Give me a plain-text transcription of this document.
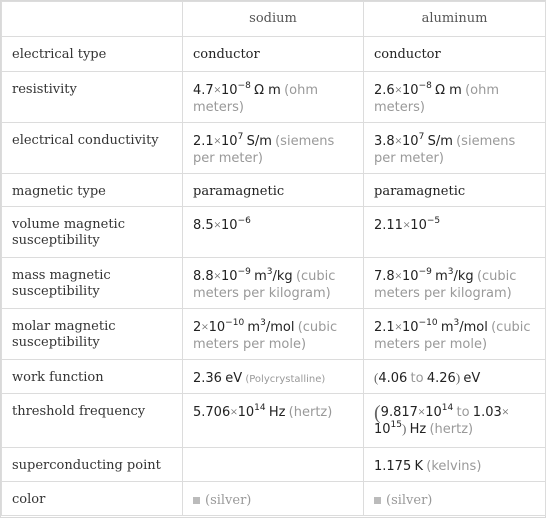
	sodium	aluminum
electrical type	conductor	conductor
resistivity	$4.7\times 10^{-8}$ Ω m (ohm meters)	$2.6\times 10^{-8}$ Ω m (ohm meters)
electrical conductivity	$2.1\times 10^7$ S/m (siemens per meter)	$3.8\times 10^7$ S/m (siemens per meter)
magnetic type	paramagnetic	paramagnetic
volume magnetic susceptibility	$8.5\times 10^{-6}$	$2.11\times 10^{-5}$
mass magnetic susceptibility	$8.8\times 10^{-9}$ $m^3/kg$ (cubic meters per kilogram)	$7.8\times 10^{-9}$ $m^3/kg$ (cubic meters per kilogram)
molar magnetic susceptibility	$2\times 10^{-10}$ $m^3$/mol (cubic meters per mole)	$2.1\times 10^{-10}$ $m^3$/mol (cubic meters per mole)
work function	2.36 eV (Polycrystalline)	(4.06 to 4.26) eV
threshold frequency	$5.706\times 10^{14}$ Hz (hertz)	($9.817\times 10^{14}$ to $1.03\times 10^{15}$) Hz (hertz)
superconducting point		1.175 K (kelvins)
color	(silver)	(silver)
